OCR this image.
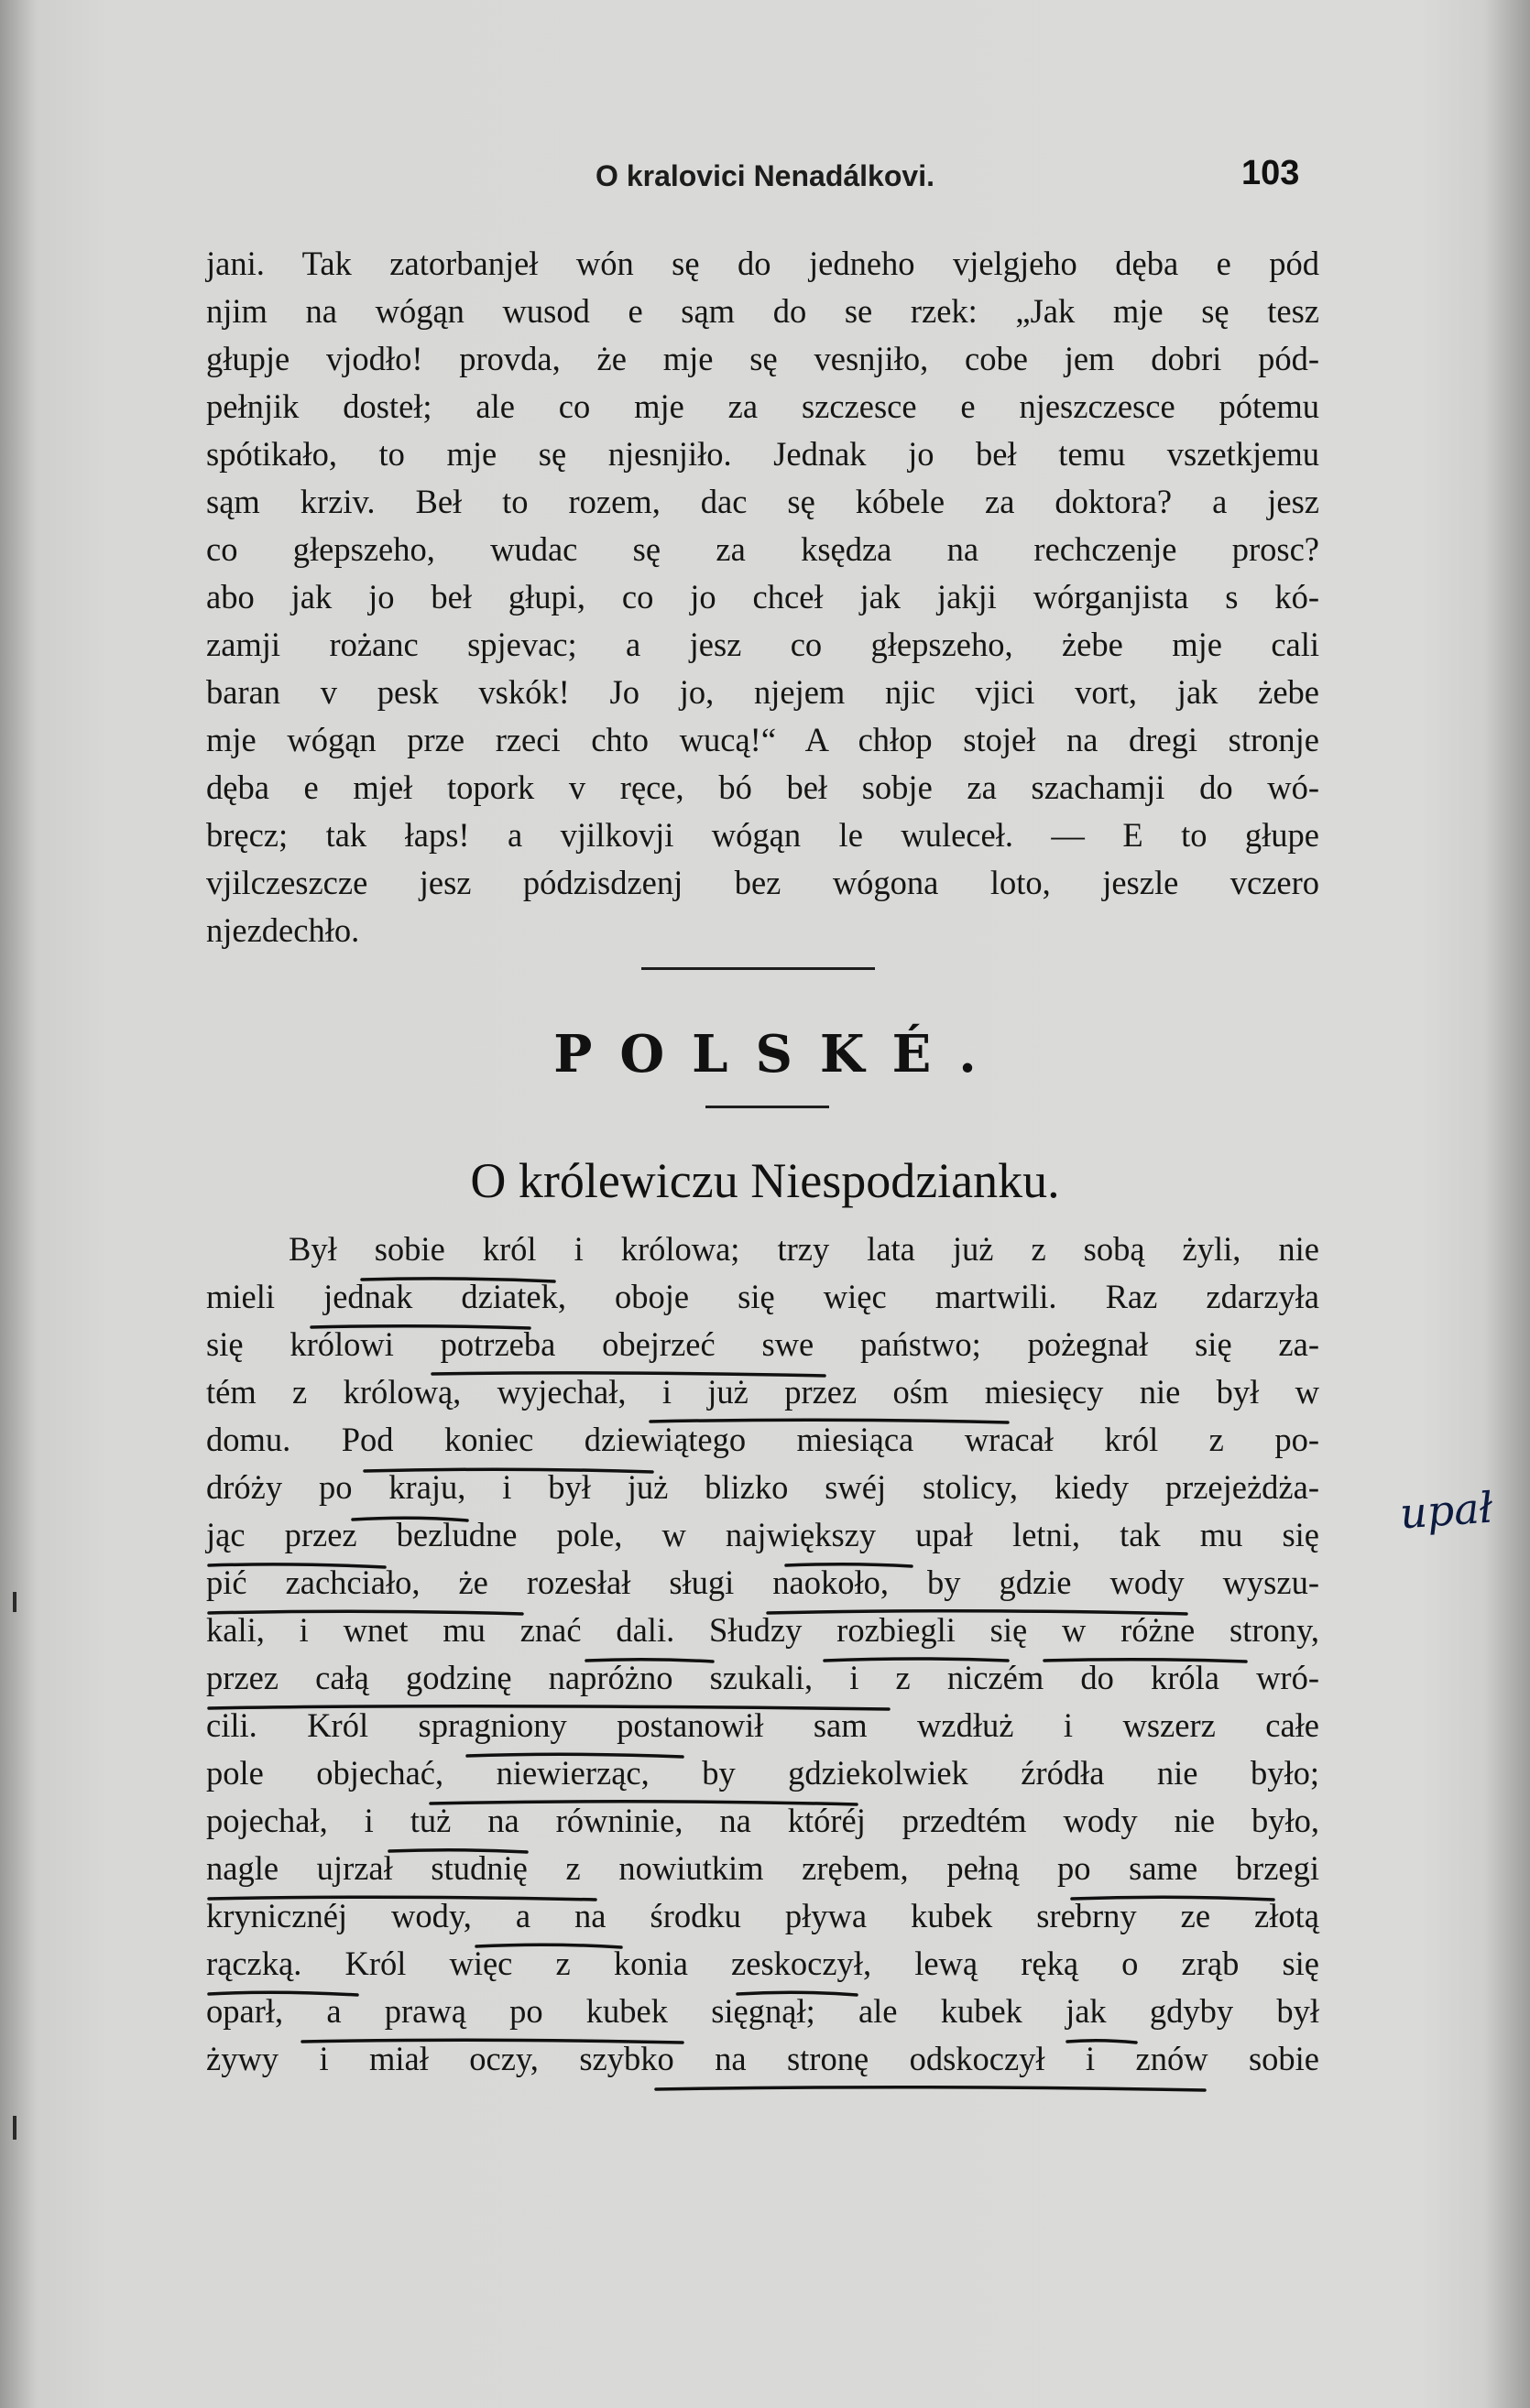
O kralovici Nenadálkovi.	103
jani. Tak zatorbanjeł wón sę do jedneho vjelgjeho dęba e pód
njim na wógąn wusod e sąm do se rzek: „Jak mje sę tesz
głupje vjodło! provda, że mje sę vesnjiło, cobe jem dobri pód-
pełnjik dosteł; ale co mje za szczesce e njeszczesce pótemu
spótikało, to mje sę njesnjiło. Jednak jo beł temu vszetkjemu
sąm krziv. Beł to rozem, dac sę kóbele za doktora? a jesz
co głepszeho, wudac sę za ksędza na rechczenje prosc?
abo jak jo beł głupi, co jo chceł jak jakji wórganjista s kó-
zamji rożanc spjevac; a jesz co głepszeho, żebe mje cali
baran v pesk vskók! Jo jo, njejem njic vjici vort, jak żebe
mje wógąn prze rzeci chto wucą!“ A chłop stojeł na dregi stronje
dęba e mjeł topork v ręce, bó beł sobje za szachamji do wó-
bręcz; tak łaps! a vjilkovji wógąn le wuleceł. — E to głupe
vjilczeszcze jesz pódzisdzenj bez wógona loto, jeszle vczero
njezdechło.
POLSKÉ.
O królewiczu Niespodzianku.
Był sobie król i królowa; trzy lata już z sobą żyli, nie
mieli jednak dziatek, oboje się więc martwili. Raz zdarzyła
się królowi potrzeba obejrzeć swe państwo; pożegnał się za-
tém z królową, wyjechał, i już przez ośm miesięcy nie był w
domu. Pod koniec dziewiątego miesiąca wracał król z po-
dróży po kraju, i był już blizko swéj stolicy, kiedy przejeżdża-
jąc przez bezludne pole, w największy upał letni, tak mu się
pić zachciało, że rozesłał sługi naokoło, by gdzie wody wyszu-
kali, i wnet mu znać dali. Słudzy rozbiegli się w różne strony,
przez całą godzinę napróżno szukali, i z niczém do króla wró-
cili. Król spragniony postanowił sam wzdłuż i wszerz całe
pole objechać, niewierząc, by gdziekolwiek źródła nie było;
pojechał, i tuż na równinie, na któréj przedtém wody nie było,
nagle ujrzał studnię z nowiutkim zrębem, pełną po same brzegi
krynicznéj wody, a na środku pływa kubek srebrny ze złotą
rączką. Król więc z konia zeskoczył, lewą ręką o zrąb się
oparł, a prawą po kubek sięgnął; ale kubek jak gdyby był
żywy i miał oczy, szybko na stronę odskoczył i znów sobie
upał
